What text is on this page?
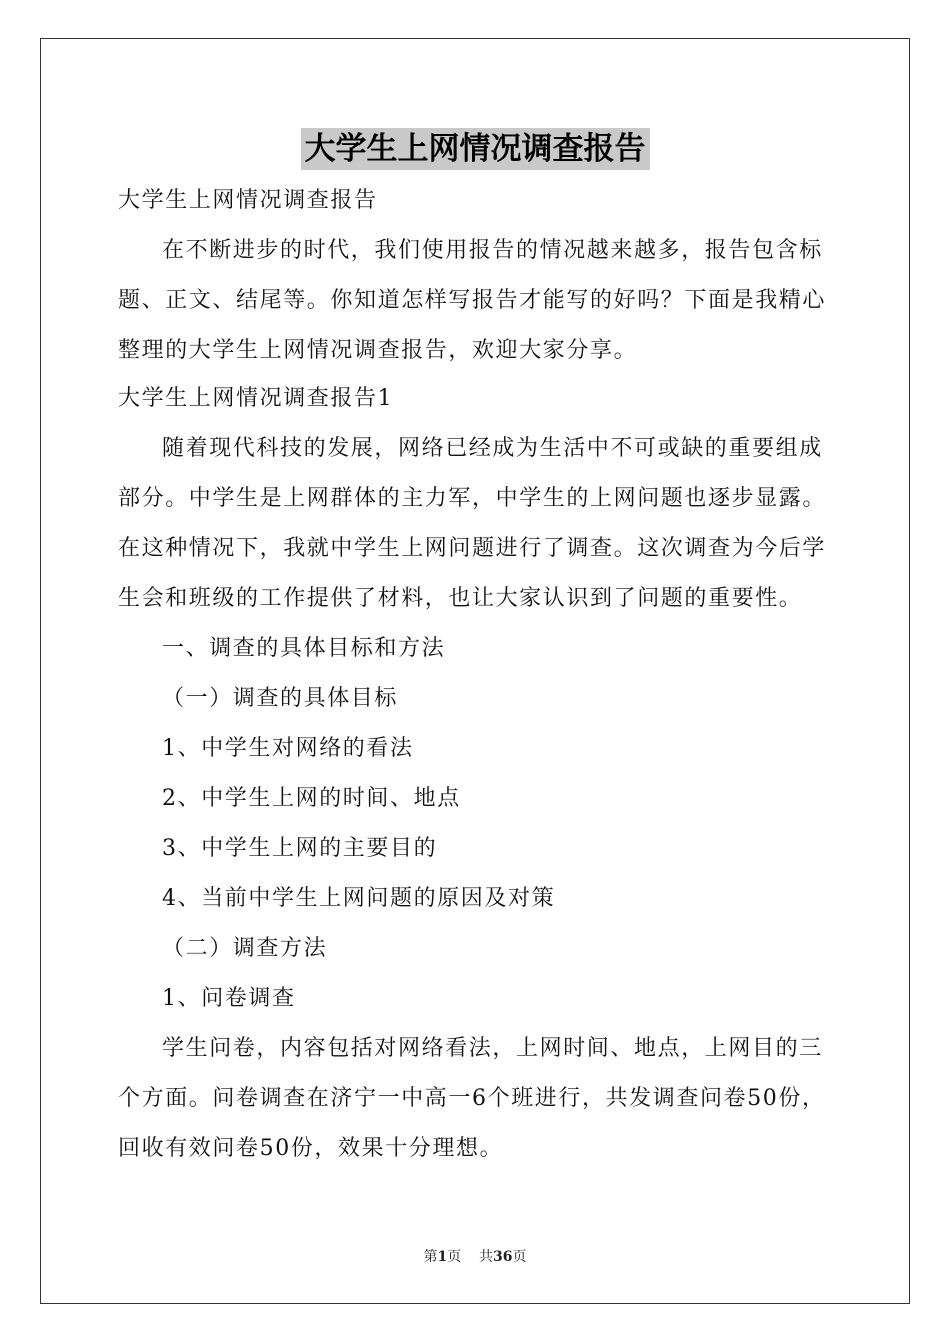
大学生上网情况调查报告
大学生上网情况调查报告
在不断进步的时代，我们使用报告的情况越来越多，报告包含标
题、正文、结尾等。你知道怎样写报告才能写的好吗？下面是我精心
整理的大学生上网情况调查报告，欢迎大家分享。
大学生上网情况调查报告1
随着现代科技的发展，网络已经成为生活中不可或缺的重要组成
部分。中学生是上网群体的主力军，中学生的上网问题也逐步显露。
在这种情况下，我就中学生上网问题进行了调查。这次调查为今后学
生会和班级的工作提供了材料，也让大家认识到了问题的重要性。
一、调查的具体目标和方法
（一）调查的具体目标
1、中学生对网络的看法
2、中学生上网的时间、地点
3、中学生上网的主要目的
4、当前中学生上网问题的原因及对策
（二）调查方法
1、问卷调查
学生问卷，内容包括对网络看法，上网时间、地点，上网目的三
个方面。问卷调查在济宁一中高一6个班进行，共发调查问卷50份，
回收有效问卷50份，效果十分理想。
第1页 共36页
